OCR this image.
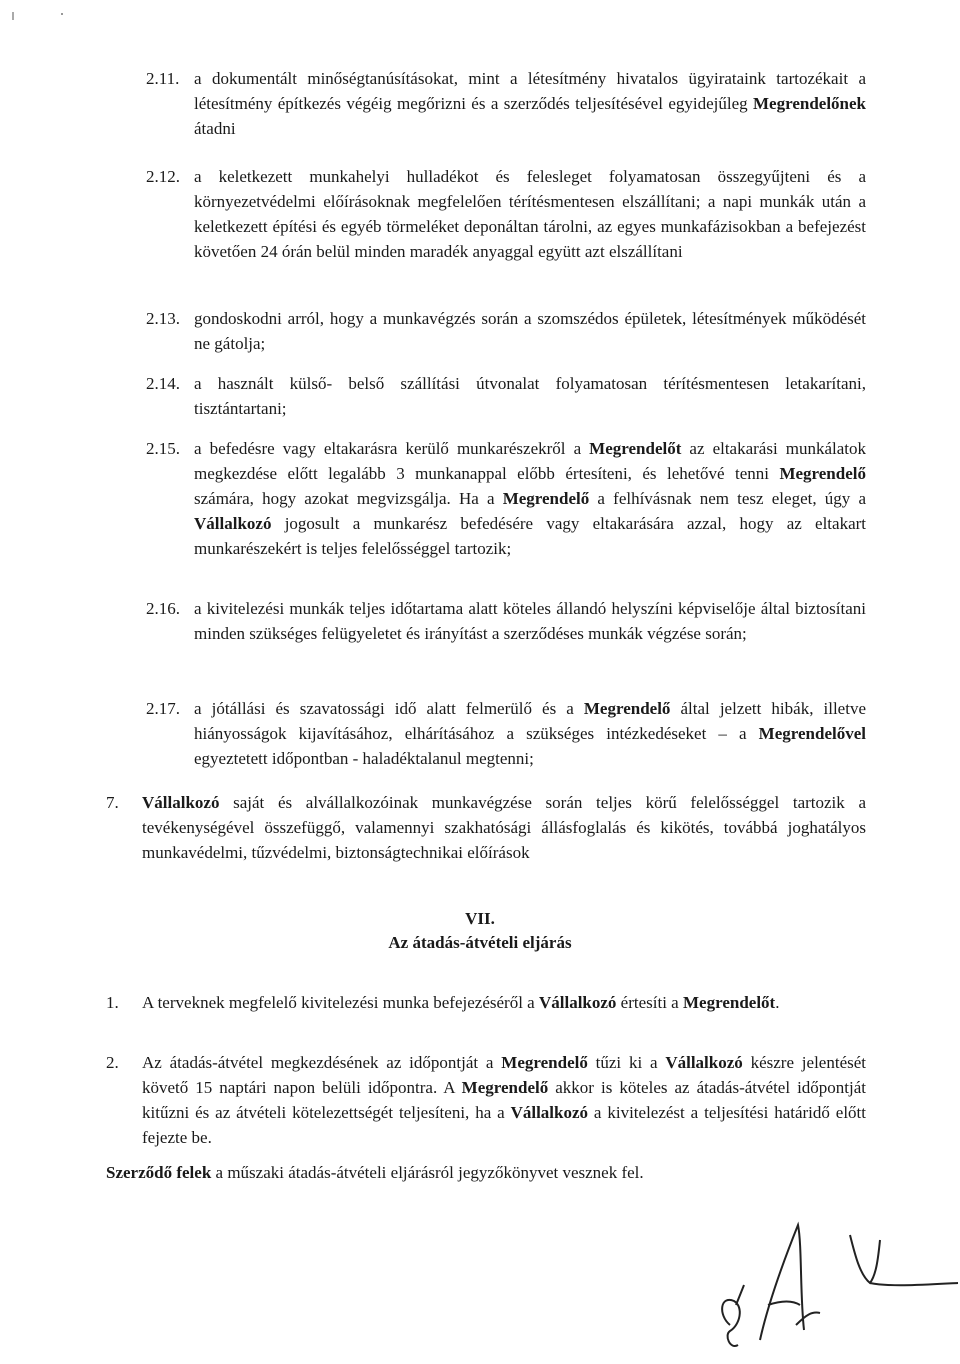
2.11. a dokumentált minőségtanúsításokat, mint a létesítmény hivatalos ügyirataink tartozékait a létesítmény építkezés végéig megőrizni és a szerződés teljesítésével egyidejűleg Megrendelőnek átadni
2.12. a keletkezett munkahelyi hulladékot és felesleget folyamatosan összegyűjteni és a környezetvédelmi előírásoknak megfelelően térítésmentesen elszállítani; a napi munkák után a keletkezett építési és egyéb törmeléket deponáltan tárolni, az egyes munkafázisokban a befejezést követően 24 órán belül minden maradék anyaggal együtt azt elszállítani
2.13. gondoskodni arról, hogy a munkavégzés során a szomszédos épületek, létesítmények működését ne gátolja;
2.14. a használt külső- belső szállítási útvonalat folyamatosan térítésmentesen letakarítani, tisztántartani;
2.15. a befedésre vagy eltakarásra kerülő munkarészekről a Megrendelőt az eltakarási munkálatok megkezdése előtt legalább 3 munkanappal előbb értesíteni, és lehetővé tenni Megrendelő számára, hogy azokat megvizsgálja. Ha a Megrendelő a felhívásnak nem tesz eleget, úgy a Vállalkozó jogosult a munkarész befedésére vagy eltakarására azzal, hogy az eltakart munkarészekért is teljes felelősséggel tartozik;
2.16. a kivitelezési munkák teljes időtartama alatt köteles állandó helyszíni képviselője által biztosítani minden szükséges felügyeletet és irányítást a szerződéses munkák végzése során;
2.17. a jótállási és szavatossági idő alatt felmerülő és a Megrendelő által jelzett hibák, illetve hiányosságok kijavításához, elhárításához a szükséges intézkedéseket – a Megrendelővel egyeztetett időpontban - haladéktalanul megtenni;
7. Vállalkozó saját és alvállalkozóinak munkavégzése során teljes körű felelősséggel tartozik a tevékenységével összefüggő, valamennyi szakhatósági állásfoglalás és kikötés, továbbá joghatályos munkavédelmi, tűzvédelmi, biztonságtechnikai előírások
VII.
Az átadás-átvételi eljárás
1. A terveknek megfelelő kivitelezési munka befejezéséről a Vállalkozó értesíti a Megrendelőt.
2. Az átadás-átvétel megkezdésének az időpontját a Megrendelő tűzi ki a Vállalkozó készre jelentését követő 15 naptári napon belüli időpontra. A Megrendelő akkor is köteles az átadás-átvétel időpontját kitűzni és az átvételi kötelezettségét teljesíteni, ha a Vállalkozó a kivitelezést a teljesítési határidő előtt fejezte be.
Szerződő felek a műszaki átadás-átvételi eljárásról jegyzőkönyvet vesznek fel.
